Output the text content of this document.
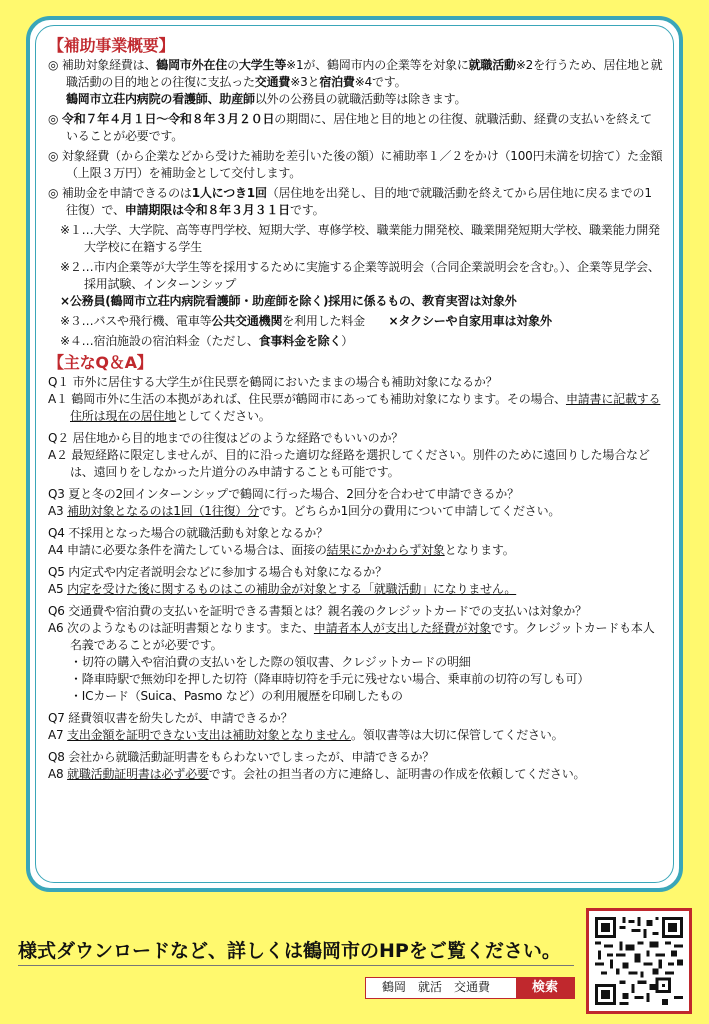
【補助事業概要】
◎ 補助対象経費は、鶴岡市外在住の大学生等※1が、鶴岡市内の企業等を対象に就職活動※2を行うため、居住地と就職活動の目的地との往復に支払った交通費※3と宿泊費※4です。
鶴岡市立荘内病院の看護師、助産師以外の公務員の就職活動等は除きます。
◎ 令和７年４月１日〜令和８年３月２０日の期間に、居住地と目的地との往復、就職活動、経費の支払いを終えていることが必要です。
◎ 対象経費（から企業などから受けた補助を差引いた後の額）に補助率１／２をかけ（100円未満を切捨て）た金額（上限３万円）を補助金として交付します。
◎ 補助金を申請できるのは1人につき1回（居住地を出発し、目的地で就職活動を終えてから居住地に戻るまでの1往復）で、申請期限は令和８年３月３１日です。
※１…大学、大学院、高等専門学校、短期大学、専修学校、職業能力開発校、職業開発短期大学校、職業能力開発大学校に在籍する学生
※２…市内企業等が大学生等を採用するために実施する企業等説明会（合同企業説明会を含む。）、企業等見学会、採用試験、インターンシップ
×公務員(鶴岡市立荘内病院看護師・助産師を除く)採用に係るもの、教育実習は対象外
※３…バスや飛行機、電車等公共交通機関を利用した料金　　×タクシーや自家用車は対象外
※４…宿泊施設の宿泊料金（ただし、食事料金を除く）
【主なQ＆A】
Q１ 市外に居住する大学生が住民票を鶴岡においたままの場合も補助対象になるか？
A１ 鶴岡市外に生活の本拠があれば、住民票が鶴岡市にあっても補助対象になります。その場合、申請書に記載する住所は現在の居住地としてください。
Q２ 居住地から目的地までの往復はどのような経路でもいいのか？
A２ 最短経路に限定しませんが、目的に沿った適切な経路を選択してください。別件のために遠回りした場合などは、遠回りをしなかった片道分のみ申請することも可能です。
Q3 夏と冬の2回インターンシップで鶴岡に行った場合、2回分を合わせて申請できるか？
A3 補助対象となるのは1回（1往復）分です。どちらか1回分の費用について申請してください。
Q4 不採用となった場合の就職活動も対象となるか？
A4 申請に必要な条件を満たしている場合は、面接の結果にかかわらず対象となります。
Q5 内定式や内定者説明会などに参加する場合も対象になるか？
A5 内定を受けた後に関するものはこの補助金が対象とする「就職活動」になりません。
Q6 交通費や宿泊費の支払いを証明できる書類とは？親名義のクレジットカードでの支払いは対象か？
A6 次のようなものは証明書類となります。また、申請者本人が支出した経費が対象です。クレジットカードも本人名義であることが必要です。
・切符の購入や宿泊費の支払いをした際の領収書、クレジットカードの明細
・降車時駅で無効印を押した切符（降車時切符を手元に残せない場合、乗車前の切符の写しも可）
・ICカード（Suica、Pasmo など）の利用履歴を印刷したもの
Q7 経費領収書を紛失したが、申請できるか？
A7 支出金額を証明できない支出は補助対象となりません。領収書等は大切に保管してください。
Q8 会社から就職活動証明書をもらわないでしまったが、申請できるか？
A8 就職活動証明書は必ず必要です。会社の担当者の方に連絡し、証明書の作成を依頼してください。
様式ダウンロードなど、詳しくは鶴岡市のHPをご覧ください。
鶴岡　就活　交通費	検索
